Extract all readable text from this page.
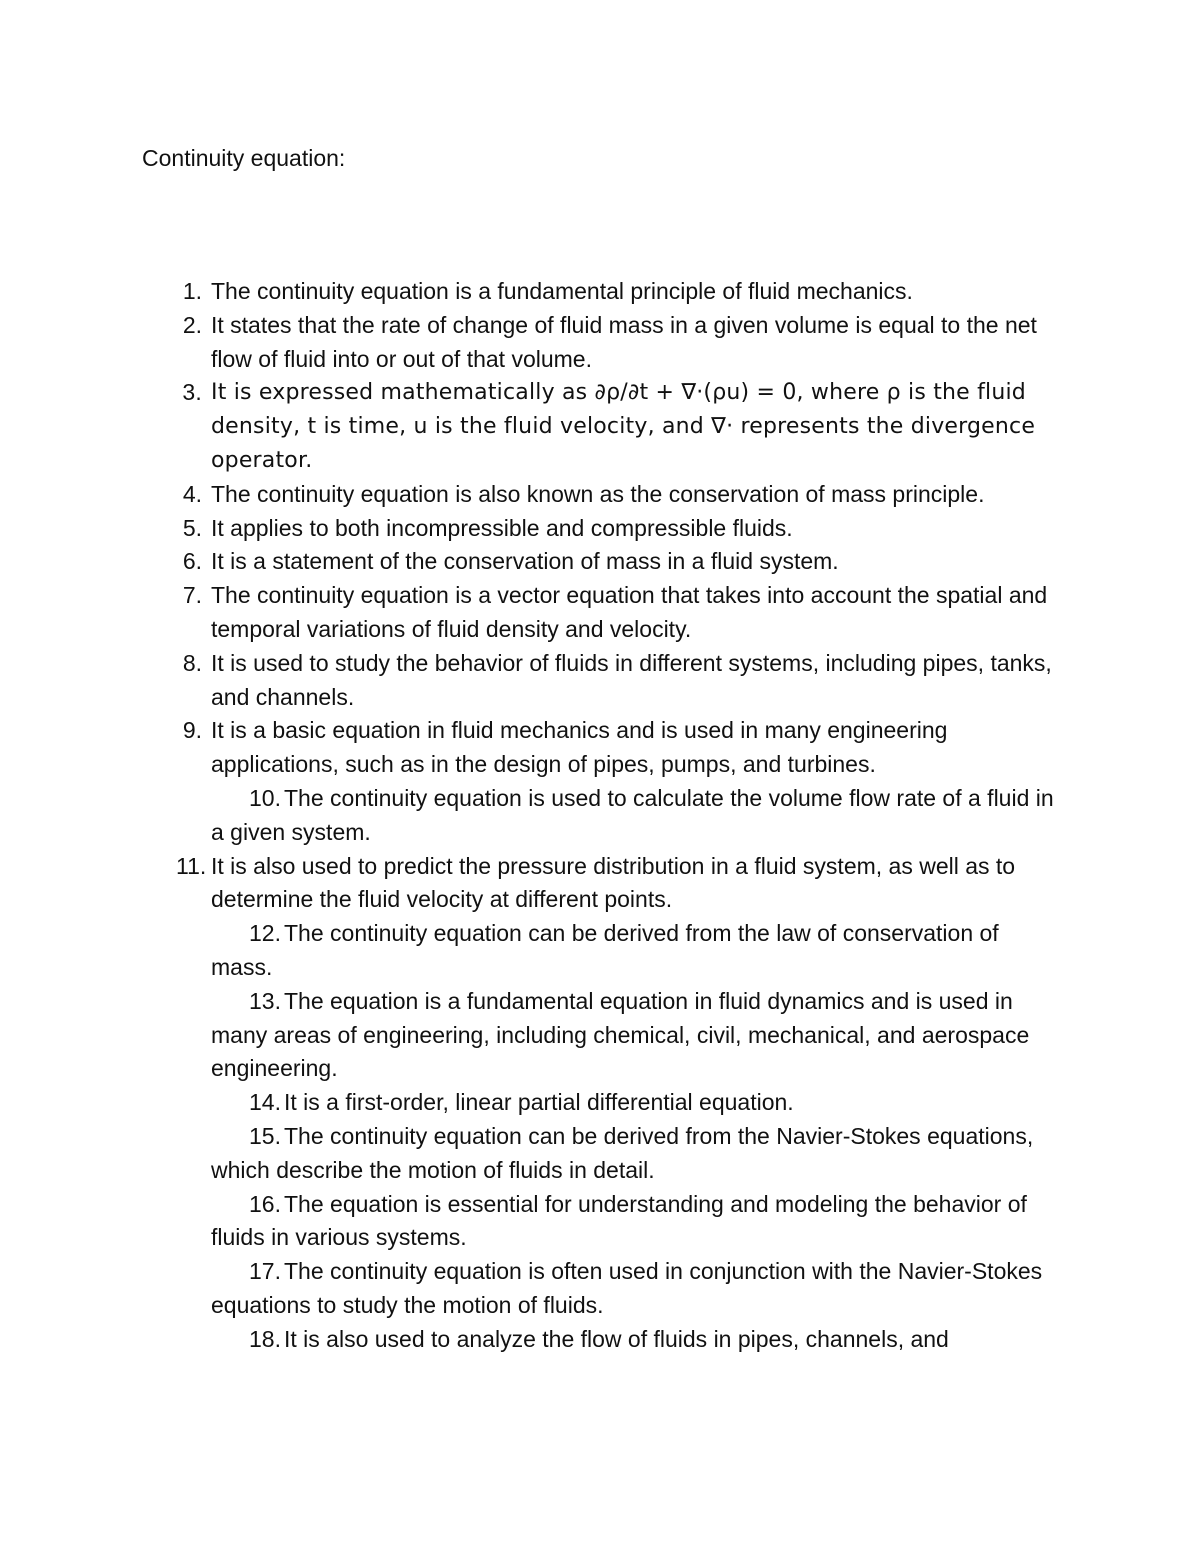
Continuity equation:
1. The continuity equation is a fundamental principle of fluid mechanics.
2. It states that the rate of change of fluid mass in a given volume is equal to the net flow of fluid into or out of that volume.
3. It is expressed mathematically as ∂ρ/∂t + ∇·(ρu) = 0, where ρ is the fluid density, t is time, u is the fluid velocity, and ∇· represents the divergence operator.
4. The continuity equation is also known as the conservation of mass principle.
5. It applies to both incompressible and compressible fluids.
6. It is a statement of the conservation of mass in a fluid system.
7. The continuity equation is a vector equation that takes into account the spatial and temporal variations of fluid density and velocity.
8. It is used to study the behavior of fluids in different systems, including pipes, tanks, and channels.
9. It is a basic equation in fluid mechanics and is used in many engineering applications, such as in the design of pipes, pumps, and turbines.
10. The continuity equation is used to calculate the volume flow rate of a fluid in a given system.
11. It is also used to predict the pressure distribution in a fluid system, as well as to determine the fluid velocity at different points.
12. The continuity equation can be derived from the law of conservation of mass.
13. The equation is a fundamental equation in fluid dynamics and is used in many areas of engineering, including chemical, civil, mechanical, and aerospace engineering.
14. It is a first-order, linear partial differential equation.
15. The continuity equation can be derived from the Navier-Stokes equations, which describe the motion of fluids in detail.
16. The equation is essential for understanding and modeling the behavior of fluids in various systems.
17. The continuity equation is often used in conjunction with the Navier-Stokes equations to study the motion of fluids.
18. It is also used to analyze the flow of fluids in pipes, channels, and
